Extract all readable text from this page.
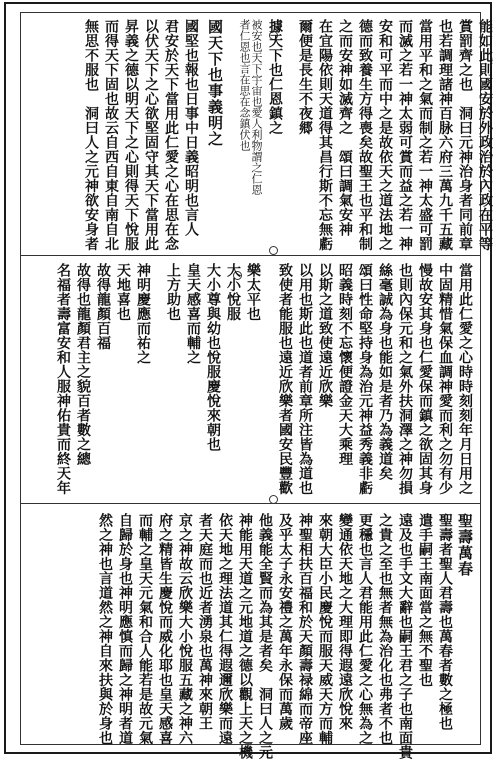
能如此則國安於外政治於內政在平等
賞罰齊之也　洞曰元神治身者同前章
也若調理諸神百脉六府三萬九千五藏
當用平和之氣而制之若一神太盛可罰
而滅之若一神太弱可賞而益之若一神
安和可平而中之是故依天之道法地之
德而致養生方得喪矣故聖王也平和制
之而安神如滅齊之　頌曰調氣安神
在宜陽依則天道得其昌行斯不忘無虧
爾便是長生不夜郷
據天下也仁恩鎮之
被安也天下宇宙也愛人利物謂之仁恩
者仁恩也言在思在念鎮伏也
國天下也事義明之
國堅也報也日事中日義昭明也言人
君安於天下當用此仁愛之心在思在念
以伏天下之心欲堅固守其天下當用此
昇義之德以明天下之心則得天下悅服
而得天下固也故云自西自東自南自北
無思不服也　洞曰人之元神欲安身者
當用此仁愛之心時時刻刻年月日用之
中固精惜氣保血調神愛而利之勿有少
慢故安其身也仁愛保而鎮之欲固其身
也則內保元和之氣外扶洞澤之神勿損
絲毫誠為身也能如是者乃為義道矣
頌曰性命堅持身為治元神益秀義非虧
昭義時刻不忘懷便證金天大乘理
以斯之道致使遠近欣樂
以用也斯此也道者前章所注皆為道也
致使者能服也遠近欣樂者國安民豐歡
樂太平也
大小悅服
大小尊與幼也悅服慶悅來朝也
皇天感喜而輔之
上方助也
神明慶應而祐之
天地喜也
故得龍顏百福
故得也龍顏君主之貌百者數之總
名福者壽富安和人服神佑貴而終天年
聖壽萬春
聖壽者聖人君壽也萬春者數之極也
遣手嗣王南面當之無不聖也
遠及也手文大辭也嗣王君之子也南面貴
之貴之至也無者無為治化也弗者不也
更穩也言人君能用此仁愛之心無為之
變通依天地之大理即得遐遠欣悅來
來朝大臣小民慶悅而服天威天方而輔
神聖相扶百福和於天顏壽禄綿而帝座
及乎太子永安禮之萬年永保而萬歲
他義能全賢而為其是者矣　洞曰人之元
神能用天道之元地道之德以觀上天之機
依天地之理法道其仁得遐邇欣樂而遠
者天庭而也近者湧泉也萬神來朝王
京之神故云欣樂大小悅服五藏之神六
府之精皆生慶悅而威化耶也皇天感喜
而輔之皇天元氣和合人能若是故元氣
自歸於身也神明應慎而歸之神明者道
然之神也言道然之神自來扶與於身也
